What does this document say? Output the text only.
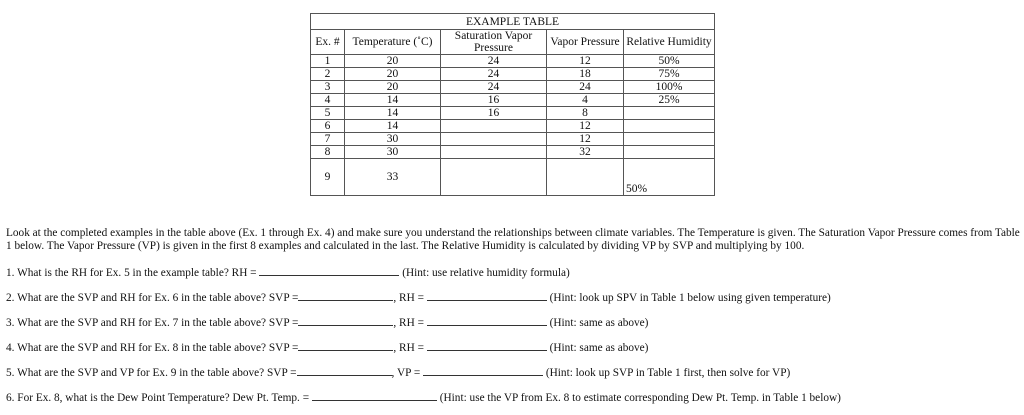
EXAMPLE TABLE				
Ex. #	Temperature (˚C)	Saturation Vapor Pressure	Vapor Pressure	Relative Humidity
1	20	24	12	50%
2	20	24	18	75%
3	20	24	24	100%
4	14	16	4	25%
5	14	16	8	
6	14		12	
7	30		12	
8	30		32	
9	33			50%
Look at the completed examples in the table above (Ex. 1 through Ex. 4) and make sure you understand the relationships between climate variables. The Temperature is given. The Saturation Vapor Pressure comes from Table 1 below. The Vapor Pressure (VP) is given in the first 8 examples and calculated in the last. The Relative Humidity is calculated by dividing VP by SVP and multiplying by 100.
1. What is the RH for Ex. 5 in the example table? RH =	(Hint: use relative humidity formula)
2. What are the SVP and RH for Ex. 6 in the table above? SVP =	, RH =	(Hint: look up SPV in Table 1 below using given temperature)
3. What are the SVP and RH for Ex. 7 in the table above? SVP =	, RH =	(Hint: same as above)
4. What are the SVP and RH for Ex. 8 in the table above? SVP =	, RH =	(Hint: same as above)
5. What are the SVP and VP for Ex. 9 in the table above? SVP =	, VP =	(Hint: look up SVP in Table 1 first, then solve for VP)
6. For Ex. 8, what is the Dew Point Temperature? Dew Pt. Temp. =	(Hint: use the VP from Ex. 8 to estimate corresponding Dew Pt. Temp. in Table 1 below)
